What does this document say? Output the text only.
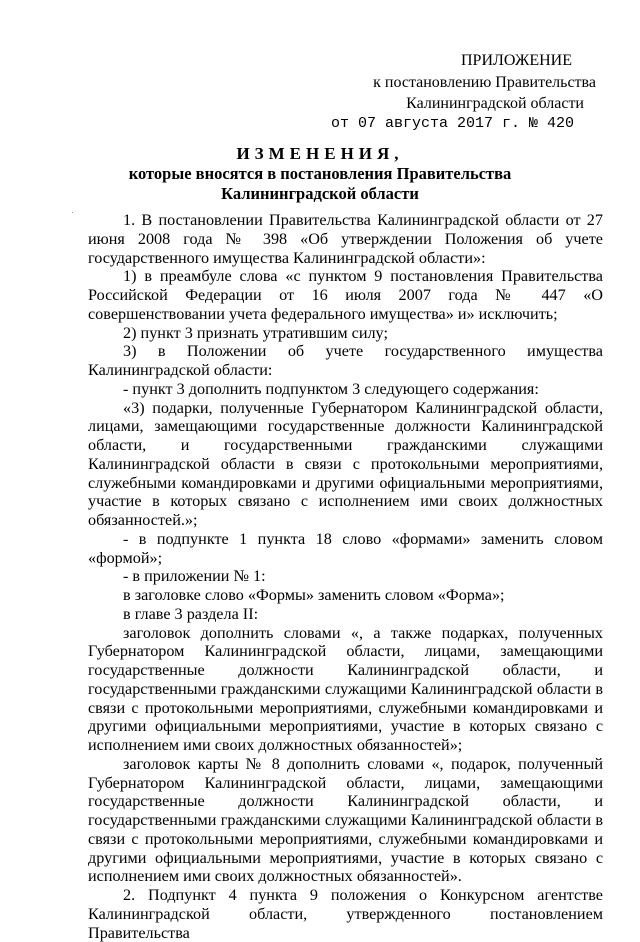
ПРИЛОЖЕНИЕ
к постановлению Правительства
Калининградской области
от 07 августа 2017 г. № 420
ИЗМЕНЕНИЯ,
которые вносятся в постановления Правительства
Калининградской области

1. В постановлении Правительства Калининградской области от 27 июня 2008 года № 398 «Об утверждении Положения об учете государственного имущества Калининградской области»:

1) в преамбуле слова «с пунктом 9 постановления Правительства Российской Федерации от 16 июля 2007 года № 447 «О совершенствовании учета федерального имущества» и» исключить;

2) пункт 3 признать утратившим силу;

3) в Положении об учете государственного имущества Калининградской области:

- пункт 3 дополнить подпунктом 3 следующего содержания:

«3) подарки, полученные Губернатором Калининградской области, лицами, замещающими государственные должности Калининградской области, и государственными гражданскими служащими Калининградской области в связи с протокольными мероприятиями, служебными командировками и другими официальными мероприятиями, участие в которых связано с исполнением ими своих должностных обязанностей.»;

- в подпункте 1 пункта 18 слово «формами» заменить словом «формой»;

- в приложении № 1:

в заголовке слово «Формы» заменить словом «Форма»;

в главе 3 раздела II:

заголовок дополнить словами «, а также подарках, полученных Губернатором Калининградской области, лицами, замещающими государственные должности Калининградской области, и государственными гражданскими служащими Калининградской области в связи с протокольными мероприятиями, служебными командировками и другими официальными мероприятиями, участие в которых связано с исполнением ими своих должностных обязанностей»;

заголовок карты № 8 дополнить словами «, подарок, полученный Губернатором Калининградской области, лицами, замещающими государственные должности Калининградской области, и государственными гражданскими служащими Калининградской области в связи с протокольными мероприятиями, служебными командировками и другими официальными мероприятиями, участие в которых связано с исполнением ими своих должностных обязанностей».

2. Подпункт 4 пункта 9 положения о Конкурсном агентстве Калининградской области, утвержденного постановлением Правительства
